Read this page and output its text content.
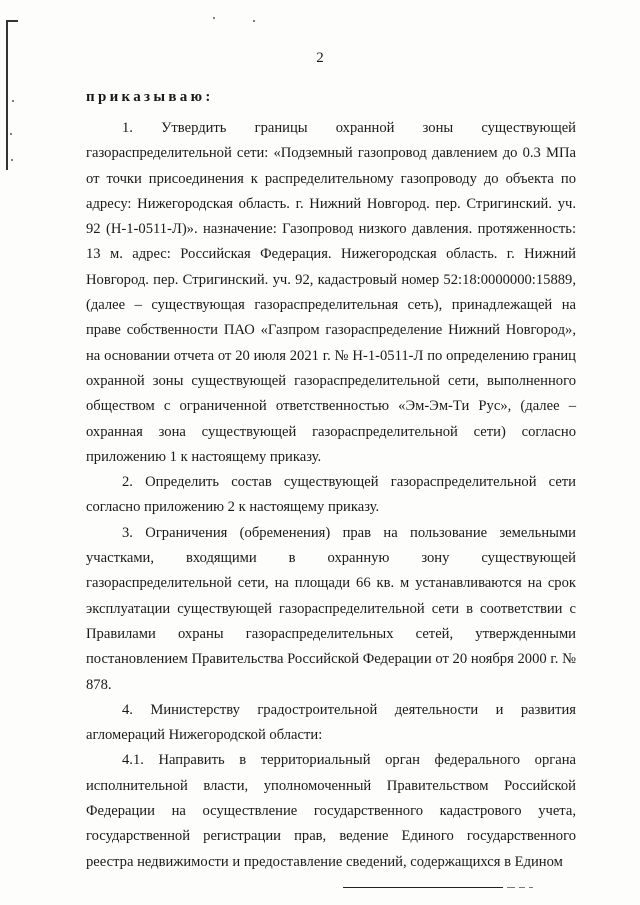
2
приказываю:

1. Утвердить границы охранной зоны существующей газораспределительной сети: «Подземный газопровод давлением до 0.3 МПа от точки присоединения к распределительному газопроводу до объекта по адресу: Нижегородская область. г. Нижний Новгород. пер. Стригинский. уч. 92 (Н-1-0511-Л)». назначение: Газопровод низкого давления. протяженность: 13 м. адрес: Российская Федерация. Нижегородская область. г. Нижний Новгород. пер. Стригинский. уч. 92, кадастровый номер 52:18:0000000:15889, (далее – существующая газораспределительная сеть), принадлежащей на праве собственности ПАО «Газпром газораспределение Нижний Новгород», на основании отчета от 20 июля 2021 г. № Н-1-0511-Л по определению границ охранной зоны существующей газораспределительной сети, выполненного обществом с ограниченной ответственностью «Эм-Эм-Ти Рус», (далее – охранная зона существующей газораспределительной сети) согласно приложению 1 к настоящему приказу.

2. Определить состав существующей газораспределительной сети согласно приложению 2 к настоящему приказу.

3. Ограничения (обременения) прав на пользование земельными участками, входящими в охранную зону существующей газораспределительной сети, на площади 66 кв. м устанавливаются на срок эксплуатации существующей газораспределительной сети в соответствии с Правилами охраны газораспределительных сетей, утвержденными постановлением Правительства Российской Федерации от 20 ноября 2000 г. № 878.

4. Министерству градостроительной деятельности и развития агломераций Нижегородской области:

4.1. Направить в территориальный орган федерального органа исполнительной власти, уполномоченный Правительством Российской Федерации на осуществление государственного кадастрового учета, государственной регистрации прав, ведение Единого государственного реестра недвижимости и предоставление сведений, содержащихся в Едином
